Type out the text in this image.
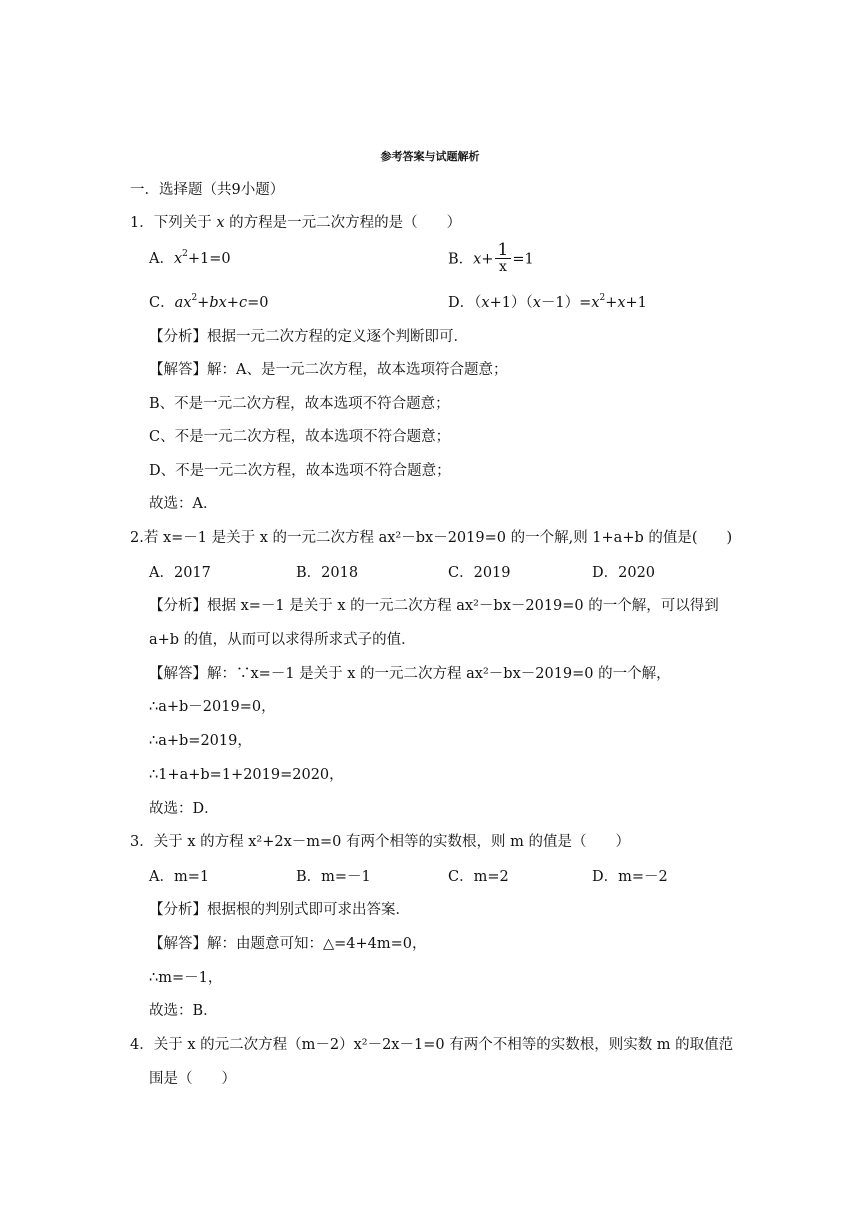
参考答案与试题解析
一．选择题（共9小题）
1．下列关于 x 的方程是一元二次方程的是（　　）
A．$x^2+1=0$	B．$x+ \frac{1}{x} =1$
C．$ax^2+bx+c=0$	D．$(x+1)(x-1)=x^2+x+1$
【分析】根据一元二次方程的定义逐个判断即可．
【解答】解：A、是一元二次方程，故本选项符合题意；
B、不是一元二次方程，故本选项不符合题意；
C、不是一元二次方程，故本选项不符合题意；
D、不是一元二次方程，故本选项不符合题意；
故选：A．
2.若 x=－1 是关于 x 的一元二次方程 ax²－bx－2019=0 的一个解,则 1+a+b 的值是(　　)
A．2017	B．2018	C．2019	D．2020
【分析】根据 x=－1 是关于 x 的一元二次方程 ax²－bx－2019=0 的一个解，可以得到
a+b 的值，从而可以求得所求式子的值．
【解答】解：∵x=－1 是关于 x 的一元二次方程 ax²－bx－2019=0 的一个解，
∴a+b－2019=0，
∴a+b=2019，
∴1+a+b=1+2019=2020，
故选：D．
3．关于 x 的方程 x²+2x－m=0 有两个相等的实数根，则 m 的值是（　　）
A．m=1	B．m=－1	C．m=2	D．m=－2
【分析】根据根的判别式即可求出答案．
【解答】解：由题意可知：△=4+4m=0，
∴m=－1，
故选：B．
4．关于 x 的元二次方程（m－2）x²－2x－1=0 有两个不相等的实数根，则实数 m 的取值范
围是（　　）
